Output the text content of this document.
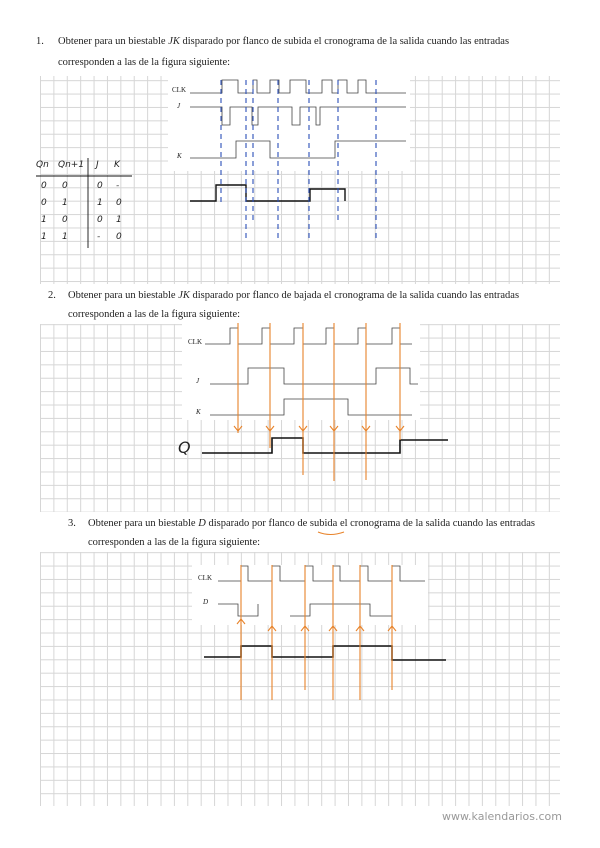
1. Obtener para un biestable JK disparado por flanco de subida el cronograma de la salida cuando las entradas
corresponden a las de la figura siguiente:
2. Obtener para un biestable JK disparado por flanco de bajada el cronograma de la salida cuando las entradas
corresponden a las de la figura siguiente:
3. Obtener para un biestable D disparado por flanco de subida el cronograma de la salida cuando las entradas
corresponden a las de la figura siguiente:
CLK
J
K
CLK
J
K
Q
CLK
D
Qn Qn+1 J K
0 0	0 -
0 1	1 0
1 0	0 1
1 1	- 0
www.kalendarios.com
